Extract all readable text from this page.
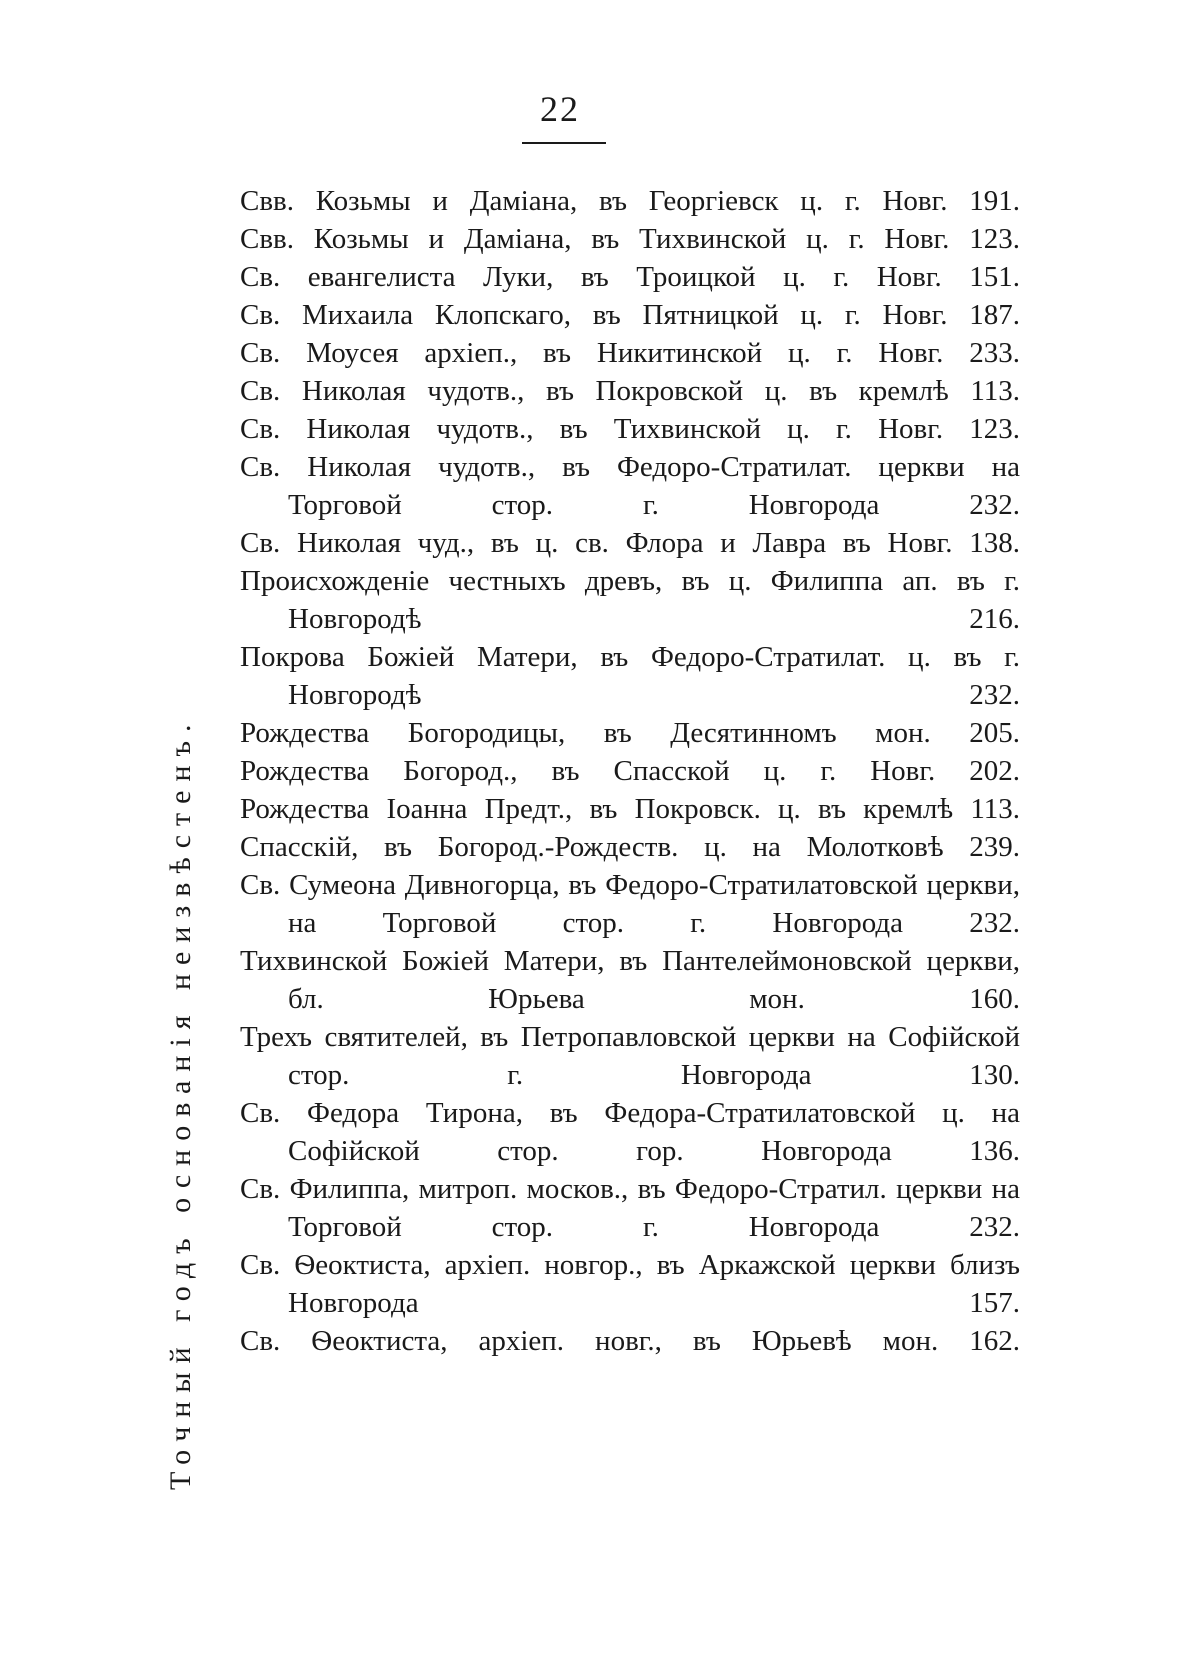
22
Точный годъ основанія неизвѣстенъ.
Свв. Козьмы и Даміана, въ Георгіевск ц. г. Новг. 191.
Свв. Козьмы и Даміана, въ Тихвинской ц. г. Новг. 123.
Св. евангелиста Луки, въ Троицкой ц. г. Новг. 151.
Св. Михаила Клопскаго, въ Пятницкой ц. г. Новг. 187.
Св. Моусея архіеп., въ Никитинской ц. г. Новг. 233.
Св. Николая чудотв., въ Покровской ц. въ кремлѣ 113.
Св. Николая чудотв., въ Тихвинской ц. г. Новг. 123.
Св. Николая чудотв., въ Федоро-Стратилат. церкви на Торговой стор. г. Новгорода 232.
Св. Николая чуд., въ ц. св. Флора и Лавра въ Новг. 138.
Происхожденіе честныхъ древъ, въ ц. Филиппа ап. въ г. Новгородѣ 216.
Покрова Божіей Матери, въ Федоро-Стратилат. ц. въ г. Новгородѣ 232.
Рождества Богородицы, въ Десятинномъ мон. 205.
Рождества Богород., въ Спасской ц. г. Новг. 202.
Рождества Іоанна Предт., въ Покровск. ц. въ кремлѣ 113.
Спасскій, въ Богород.-Рождеств. ц. на Молотковѣ 239.
Св. Сумеона Дивногорца, въ Федоро-Стратилатовской церкви, на Торговой стор. г. Новгорода 232.
Тихвинской Божіей Матери, въ Пантелеймоновской церкви, бл. Юрьева мон. 160.
Трехъ святителей, въ Петропавловской церкви на Софійской стор. г. Новгорода 130.
Св. Федора Тирона, въ Федора-Стратилатовской ц. на Софійской стор. гор. Новгорода 136.
Св. Филиппа, митроп. москов., въ Федоро-Стратил. церкви на Торговой стор. г. Новгорода 232.
Св. Ѳеоктиста, архіеп. новгор., въ Аркажской церкви близъ Новгорода 157.
Св. Ѳеоктиста, архіеп. новг., въ Юрьевѣ мон. 162.
